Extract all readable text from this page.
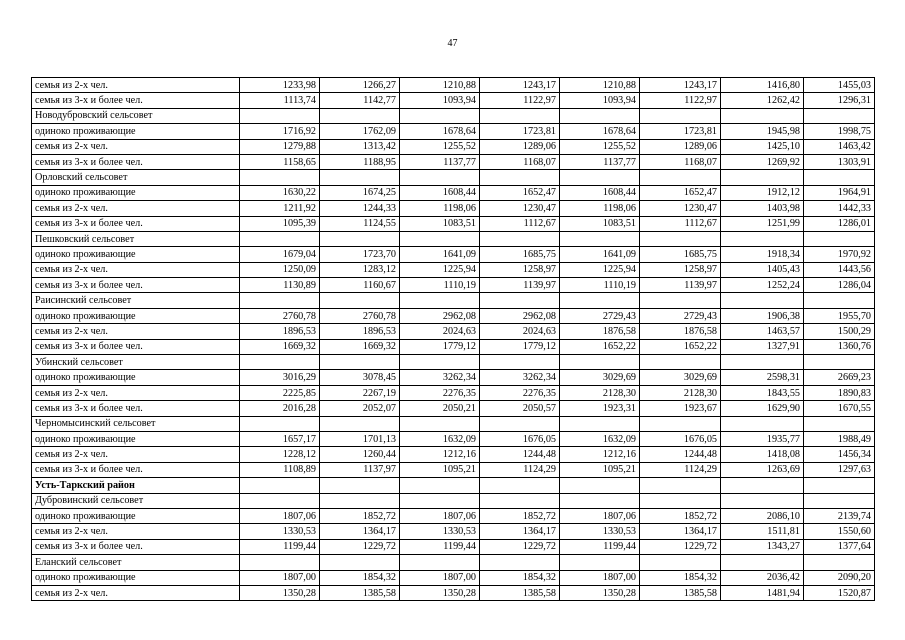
47
семья из 2-х чел.	1233,98	1266,27	1210,88	1243,17	1210,88	1243,17	1416,80	1455,03
семья из 3-х и более чел.	1113,74	1142,77	1093,94	1122,97	1093,94	1122,97	1262,42	1296,31
Новодубровский сельсовет								
одиноко проживающие	1716,92	1762,09	1678,64	1723,81	1678,64	1723,81	1945,98	1998,75
семья из 2-х чел.	1279,88	1313,42	1255,52	1289,06	1255,52	1289,06	1425,10	1463,42
семья из 3-х и более чел.	1158,65	1188,95	1137,77	1168,07	1137,77	1168,07	1269,92	1303,91
Орловский сельсовет								
одиноко проживающие	1630,22	1674,25	1608,44	1652,47	1608,44	1652,47	1912,12	1964,91
семья из 2-х чел.	1211,92	1244,33	1198,06	1230,47	1198,06	1230,47	1403,98	1442,33
семья из 3-х и более чел.	1095,39	1124,55	1083,51	1112,67	1083,51	1112,67	1251,99	1286,01
Пешковский сельсовет								
одиноко проживающие	1679,04	1723,70	1641,09	1685,75	1641,09	1685,75	1918,34	1970,92
семья из 2-х чел.	1250,09	1283,12	1225,94	1258,97	1225,94	1258,97	1405,43	1443,56
семья из 3-х и более чел.	1130,89	1160,67	1110,19	1139,97	1110,19	1139,97	1252,24	1286,04
Раисинский сельсовет								
одиноко проживающие	2760,78	2760,78	2962,08	2962,08	2729,43	2729,43	1906,38	1955,70
семья из 2-х чел.	1896,53	1896,53	2024,63	2024,63	1876,58	1876,58	1463,57	1500,29
семья из 3-х и более чел.	1669,32	1669,32	1779,12	1779,12	1652,22	1652,22	1327,91	1360,76
Убинский сельсовет								
одиноко проживающие	3016,29	3078,45	3262,34	3262,34	3029,69	3029,69	2598,31	2669,23
семья из 2-х чел.	2225,85	2267,19	2276,35	2276,35	2128,30	2128,30	1843,55	1890,83
семья из 3-х и более чел.	2016,28	2052,07	2050,21	2050,57	1923,31	1923,67	1629,90	1670,55
Черномысинский сельсовет								
одиноко проживающие	1657,17	1701,13	1632,09	1676,05	1632,09	1676,05	1935,77	1988,49
семья из 2-х чел.	1228,12	1260,44	1212,16	1244,48	1212,16	1244,48	1418,08	1456,34
семья из 3-х и более чел.	1108,89	1137,97	1095,21	1124,29	1095,21	1124,29	1263,69	1297,63
Усть-Таркский район								
Дубровинский сельсовет								
одиноко проживающие	1807,06	1852,72	1807,06	1852,72	1807,06	1852,72	2086,10	2139,74
семья из 2-х чел.	1330,53	1364,17	1330,53	1364,17	1330,53	1364,17	1511,81	1550,60
семья из 3-х и более чел.	1199,44	1229,72	1199,44	1229,72	1199,44	1229,72	1343,27	1377,64
Еланский сельсовет								
одиноко проживающие	1807,00	1854,32	1807,00	1854,32	1807,00	1854,32	2036,42	2090,20
семья из 2-х чел.	1350,28	1385,58	1350,28	1385,58	1350,28	1385,58	1481,94	1520,87
